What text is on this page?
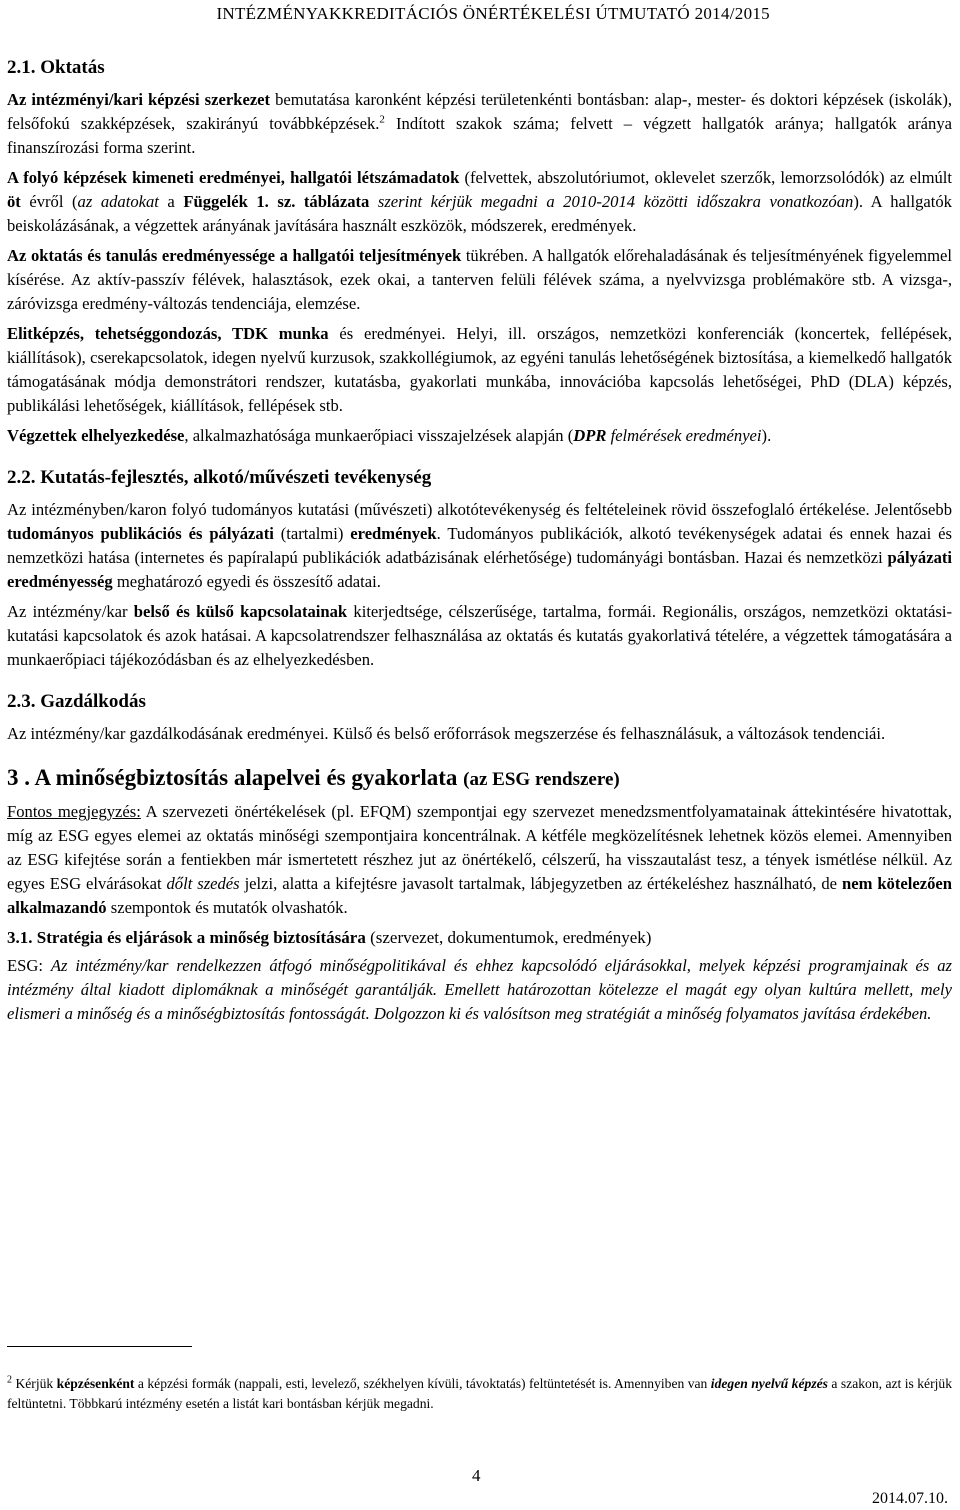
INTÉZMÉNYAKKREDITÁCIÓS ÖNÉRTÉKELÉSI ÚTMUTATÓ 2014/2015
2.1. Oktatás

Az intézményi/kari képzési szerkezet bemutatása karonként képzési területenkénti bontásban: alap-, mester- és doktori képzések (iskolák), felsőfokú szakképzések, szakirányú továbbképzések.$^2$ Indított szakok száma; felvett – végzett hallgatók aránya; hallgatók aránya finanszírozási forma szerint.

A folyó képzések kimeneti eredményei, hallgatói létszámadatok (felvettek, abszolutóriumot, oklevelet szerzők, lemorzsolódók) az elmúlt öt évről (az adatokat a Függelék 1. sz. táblázata szerint kérjük megadni a 2010-2014 közötti időszakra vonatkozóan). A hallgatók beiskolázásának, a végzettek arányának javítására használt eszközök, módszerek, eredmények.

Az oktatás és tanulás eredményessége a hallgatói teljesítmények tükrében. A hallgatók előrehaladásának és teljesítményének figyelemmel kísérése. Az aktív-passzív félévek, halasztások, ezek okai, a tanterven felüli félévek száma, a nyelvvizsga problémaköre stb. A vizsga-, záróvizsga eredmény-változás tendenciája, elemzése.

Elitképzés, tehetséggondozás, TDK munka és eredményei. Helyi, ill. országos, nemzetközi konferenciák (koncertek, fellépések, kiállítások), cserekapcsolatok, idegen nyelvű kurzusok, szakkollégiumok, az egyéni tanulás lehetőségének biztosítása, a kiemelkedő hallgatók támogatásának módja demonstrátori rendszer, kutatásba, gyakorlati munkába, innovációba kapcsolás lehetőségei, PhD (DLA) képzés, publikálási lehetőségek, kiállítások, fellépések stb.

Végzettek elhelyezkedése, alkalmazhatósága munkaerőpiaci visszajelzések alapján (DPR felmérések eredményei).

2.2. Kutatás-fejlesztés, alkotó/művészeti tevékenység

Az intézményben/karon folyó tudományos kutatási (művészeti) alkotótevékenység és feltételeinek rövid összefoglaló értékelése. Jelentősebb tudományos publikációs és pályázati (tartalmi) eredmények. Tudományos publikációk, alkotó tevékenységek adatai és ennek hazai és nemzetközi hatása (internetes és papíralapú publikációk adatbázisának elérhetősége) tudományági bontásban. Hazai és nemzetközi pályázati eredményesség meghatározó egyedi és összesítő adatai.

Az intézmény/kar belső és külső kapcsolatainak kiterjedtsége, célszerűsége, tartalma, formái. Regionális, országos, nemzetközi oktatási-kutatási kapcsolatok és azok hatásai. A kapcsolatrendszer felhasználása az oktatás és kutatás gyakorlativá tételére, a végzettek támogatására a munkaerőpiaci tájékozódásban és az elhelyezkedésben.

2.3. Gazdálkodás

Az intézmény/kar gazdálkodásának eredményei. Külső és belső erőforrások megszerzése és felhasználásuk, a változások tendenciái.

3 . A minőségbiztosítás alapelvei és gyakorlata (az ESG rendszere)

Fontos megjegyzés: A szervezeti önértékelések (pl. EFQM) szempontjai egy szervezet menedzsmentfolyamatainak áttekintésére hivatottak, míg az ESG egyes elemei az oktatás minőségi szempontjaira koncentrálnak. A kétféle megközelítésnek lehetnek közös elemei. Amennyiben az ESG kifejtése során a fentiekben már ismertetett részhez jut az önértékelő, célszerű, ha visszautalást tesz, a tények ismétlése nélkül. Az egyes ESG elvárásokat dőlt szedés jelzi, alatta a kifejtésre javasolt tartalmak, lábjegyzetben az értékeléshez használható, de nem kötelezően alkalmazandó szempontok és mutatók olvashatók.

3.1. Stratégia és eljárások a minőség biztosítására (szervezet, dokumentumok, eredmények)

ESG: Az intézmény/kar rendelkezzen átfogó minőségpolitikával és ehhez kapcsolódó eljárásokkal, melyek képzési programjainak és az intézmény által kiadott diplomáknak a minőségét garantálják. Emellett határozottan kötelezze el magát egy olyan kultúra mellett, mely elismeri a minőség és a minőségbiztosítás fontosságát. Dolgozzon ki és valósítson meg stratégiát a minőség folyamatos javítása érdekében.

$^2$ Kérjük képzésenként a képzési formák (nappali, esti, levelező, székhelyen kívüli, távoktatás) feltüntetését is. Amennyiben van idegen nyelvű képzés a szakon, azt is kérjük feltüntetni. Többkarú intézmény esetén a listát kari bontásban kérjük megadni.
4
2014.07.10.
